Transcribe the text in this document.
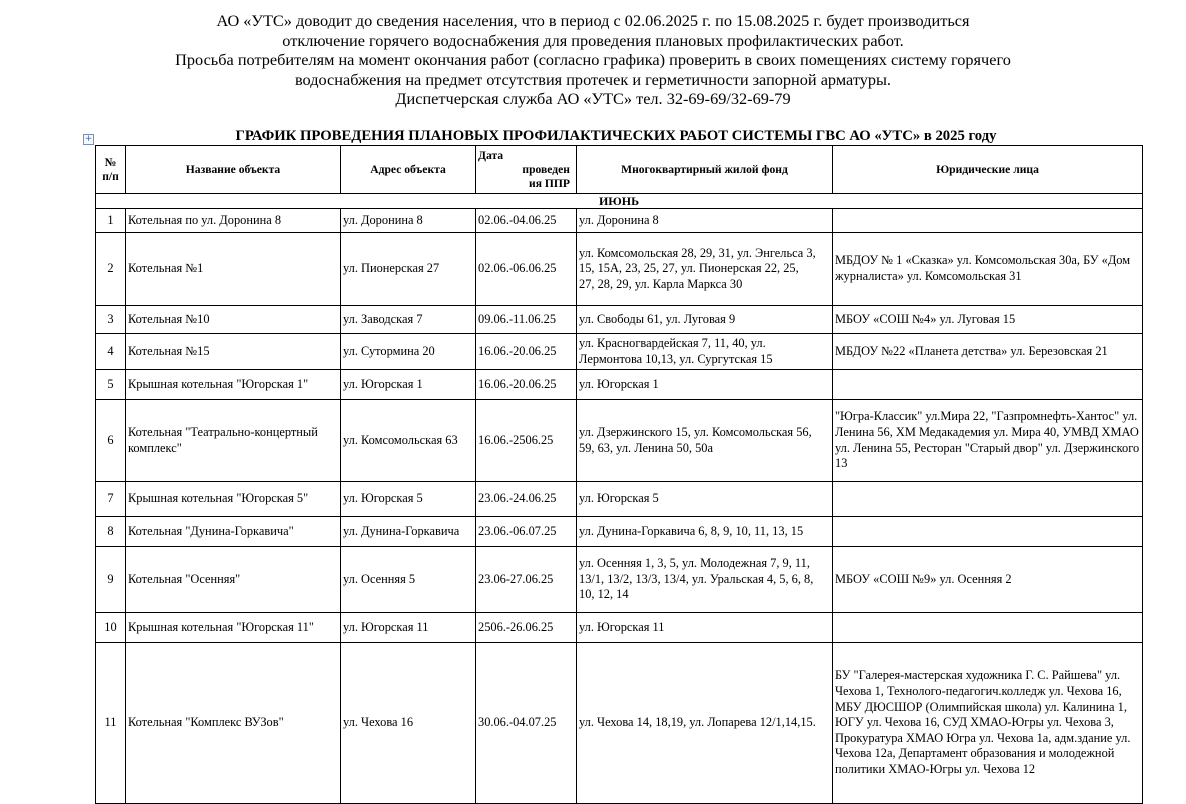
АО «УТС» доводит до сведения населения, что в период с 02.06.2025 г. по 15.08.2025 г. будет производиться
отключение горячего водоснабжения для проведения плановых профилактических работ.
Просьба потребителям на момент окончания работ (согласно графика) проверить в своих помещениях систему горячего
водоснабжения на предмет отсутствия протечек и герметичности запорной арматуры.
Диспетчерская служба АО «УТС» тел. 32-69-69/32-69-79
+	ГРАФИК ПРОВЕДЕНИЯ ПЛАНОВЫХ ПРОФИЛАКТИЧЕСКИХ РАБОТ СИСТЕМЫ ГВС АО «УТС» в 2025 году
№
п/п	Название объекта	Адрес объекта	Дата
проведен
ия ППР	Многоквартирный жилой фонд	Юридические лица
ИЮНЬ					
1	Котельная по ул. Доронина 8	ул. Доронина 8	02.06.-04.06.25	ул. Доронина 8	
2	Котельная №1	ул. Пионерская 27	02.06.-06.06.25	ул. Комсомольская 28, 29, 31, ул. Энгельса 3, 15, 15А, 23, 25, 27, ул. Пионерская 22, 25,
27, 28, 29, ул. Карла Маркса 30	МБДОУ № 1 «Сказка» ул. Комсомольская 30а, БУ «Дом журналиста» ул. Комсомольская 31
3	Котельная №10	ул. Заводская 7	09.06.-11.06.25	ул. Свободы 61, ул. Луговая 9	МБОУ «СОШ №4» ул. Луговая 15
4	Котельная №15	ул. Сутормина 20	16.06.-20.06.25	ул. Красногвардейская 7, 11, 40, ул. Лермонтова 10,13, ул. Сургутская 15	МБДОУ №22 «Планета детства» ул. Березовская 21
5	Крышная котельная "Югорская 1"	ул. Югорская 1	16.06.-20.06.25	ул. Югорская 1	
6	Котельная "Театрально-концертный комплекс"	ул. Комсомольская 63	16.06.-2506.25	ул. Дзержинского 15, ул. Комсомольская 56, 59, 63, ул. Ленина 50, 50а	"Югра-Классик" ул.Мира 22, "Газпромнефть-Хантос" ул. Ленина 56, ХМ Медакадемия ул. Мира 40, УМВД ХМАО ул. Ленина 55, Ресторан "Старый двор" ул. Дзержинского 13
7	Крышная котельная "Югорская 5"	ул. Югорская 5	23.06.-24.06.25	ул. Югорская 5	
8	Котельная "Дунина-Горкавича"	ул. Дунина-Горкавича	23.06.-06.07.25	ул. Дунина-Горкавича 6, 8, 9, 10, 11, 13, 15	
9	Котельная "Осенняя"	ул. Осенняя 5	23.06-27.06.25	ул. Осенняя 1, 3, 5, ул. Молодежная 7, 9, 11,
13/1, 13/2, 13/3, 13/4, ул. Уральская 4, 5, 6, 8, 10, 12, 14	МБОУ «СОШ №9» ул. Осенняя 2
10	Крышная котельная "Югорская 11"	ул. Югорская 11	2506.-26.06.25	ул. Югорская 11	
11	Котельная "Комплекс ВУЗов"	ул. Чехова 16	30.06.-04.07.25	ул. Чехова 14, 18,19, ул. Лопарева 12/1,14,15.	БУ "Галерея-мастерская художника Г. С. Райшева" ул. Чехова 1, Технолого-педагогич.колледж ул. Чехова 16, МБУ ДЮСШОР (Олимпийская школа) ул. Калинина 1, ЮГУ ул. Чехова 16, СУД ХМАО-Югры ул. Чехова 3, Прокуратура ХМАО Югра ул. Чехова 1а, адм.здание ул. Чехова 12а, Департамент образования и молодежной политики ХМАО-Югры ул. Чехова 12
